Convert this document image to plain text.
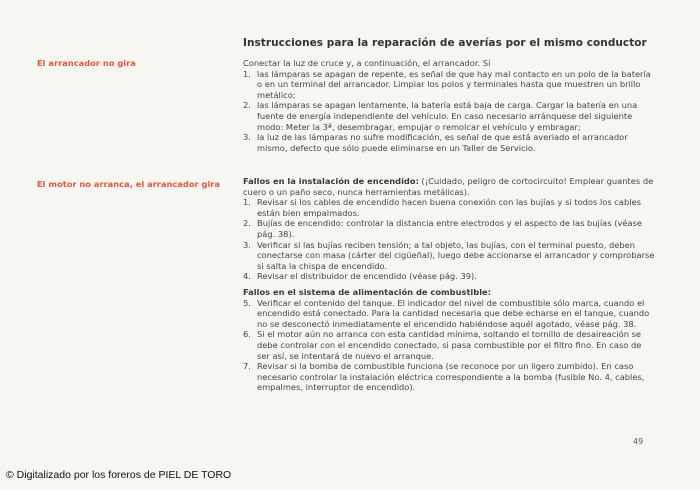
Instrucciones para la reparación de averías por el mismo conductor
El arrancador no gira	Conectar la luz de cruce y, a continuación, el arrancador. Si

1. las lámparas se apagan de repente, es señal de que hay mal contacto en un polo de la batería o en un terminal del arrancador. Limpiar los polos y terminales hasta que muestren un brillo metálico;
2. las lámparas se apagan lentamente, la batería está baja de carga. Cargar la batería en una fuente de energía independiente del vehículo. En caso necesario arránquese del siguiente modo: Meter la 3ª, desembragar, empujar o remolcar el vehículo y embragar;
3. la luz de las lámparas no sufre modificación, es señal de que está averiado el arrancador mismo, defecto que sólo puede eliminarse en un Taller de Servicio.
El motor no arranca, el arrancador gira	Fallos en la instalación de encendido: (¡Cuidado, peligro de cortocircuito! Emplear guantes de cuero o un paño seco, nunca herramientas metálicas).

1. Revisar si los cables de encendido hacen buena conexión con las bujías y si todos los cables están bien empalmados.
2. Bujías de encendido: controlar la distancia entre electrodos y el aspecto de las bujías (véase pág. 38).
3. Verificar si las bujías reciben tensión; a tal objeto, las bujías, con el terminal puesto, deben conectarse con masa (cárter del cigüeñal), luego debe accionarse el arrancador y comprobarse si salta la chispa de encendido.
4. Revisar el distribuidor de encendido (véase pág. 39).

Fallos en el sistema de alimentación de combustible:

5. Verificar el contenido del tanque. El indicador del nivel de combustible sólo marca, cuando el encendido está conectado. Para la cantidad necesaria que debe echarse en el tanque, cuando no se desconectó inmediatamente el encendido habiéndose aquél agotado, véase pág. 38.
6. Si el motor aún no arranca con esta cantidad mínima, soltando el tornillo de desaireación se debe controlar con el encendido conectado, si pasa combustible por el filtro fino. En caso de ser así, se intentará de nuevo el arranque.
7. Revisar si la bomba de combustible funciona (se reconoce por un ligero zumbido). En caso necesario controlar la instalación eléctrica correspondiente a la bomba (fusible No. 4, cables, empalmes, interruptor de encendido).
49
© Digitalizado por los foreros de PIEL DE TORO
